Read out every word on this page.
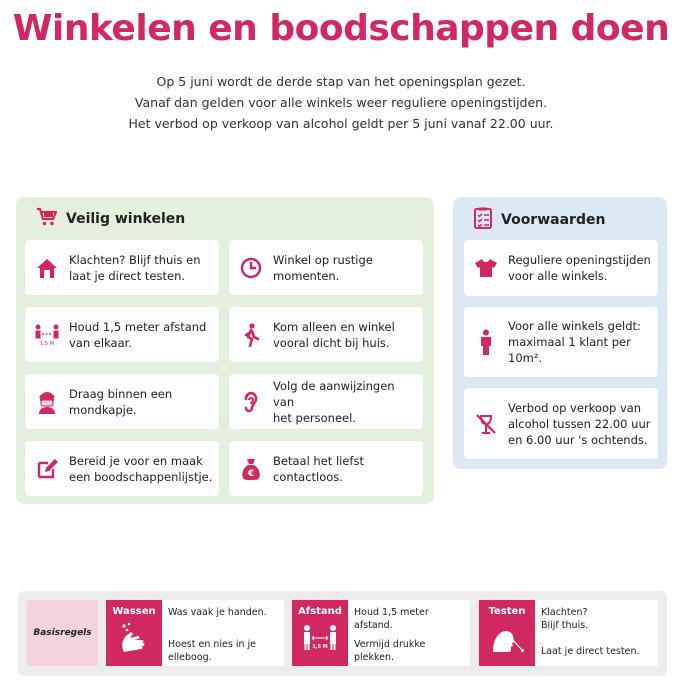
Winkelen en boodschappen doen
Op 5 juni wordt de derde stap van het openingsplan gezet.
Vanaf dan gelden voor alle winkels weer reguliere openingstijden.
Het verbod op verkoop van alcohol geldt per 5 juni vanaf 22.00 uur.
Veilig winkelen
Klachten? Blijf thuis en
laat je direct testen.
Winkel op rustige
momenten.
1,5 M
Houd 1,5 meter afstand
van elkaar.
Kom alleen en winkel
vooral dicht bij huis.
Draag binnen een
mondkapje.
Volg de aanwijzingen van
het personeel.
Bereid je voor en maak
een boodschappenlijstje.	€
Betaal het liefst
contactloos.
Voorwaarden
Reguliere openingstijden
voor alle winkels.
Voor alle winkels geldt:
maximaal 1 klant per
10m².
Verbod op verkoop van
alcohol tussen 22.00 uur
en 6.00 uur 's ochtends.
Basisregels
Wassen	Was vaak je handen.
Hoest en nies in je
elleboog.
Afstand
1,5 M
Houd 1,5 meter afstand.
Vermijd drukke
plekken.
Testen	Klachten?
Blijf thuis.
Laat je direct testen.
